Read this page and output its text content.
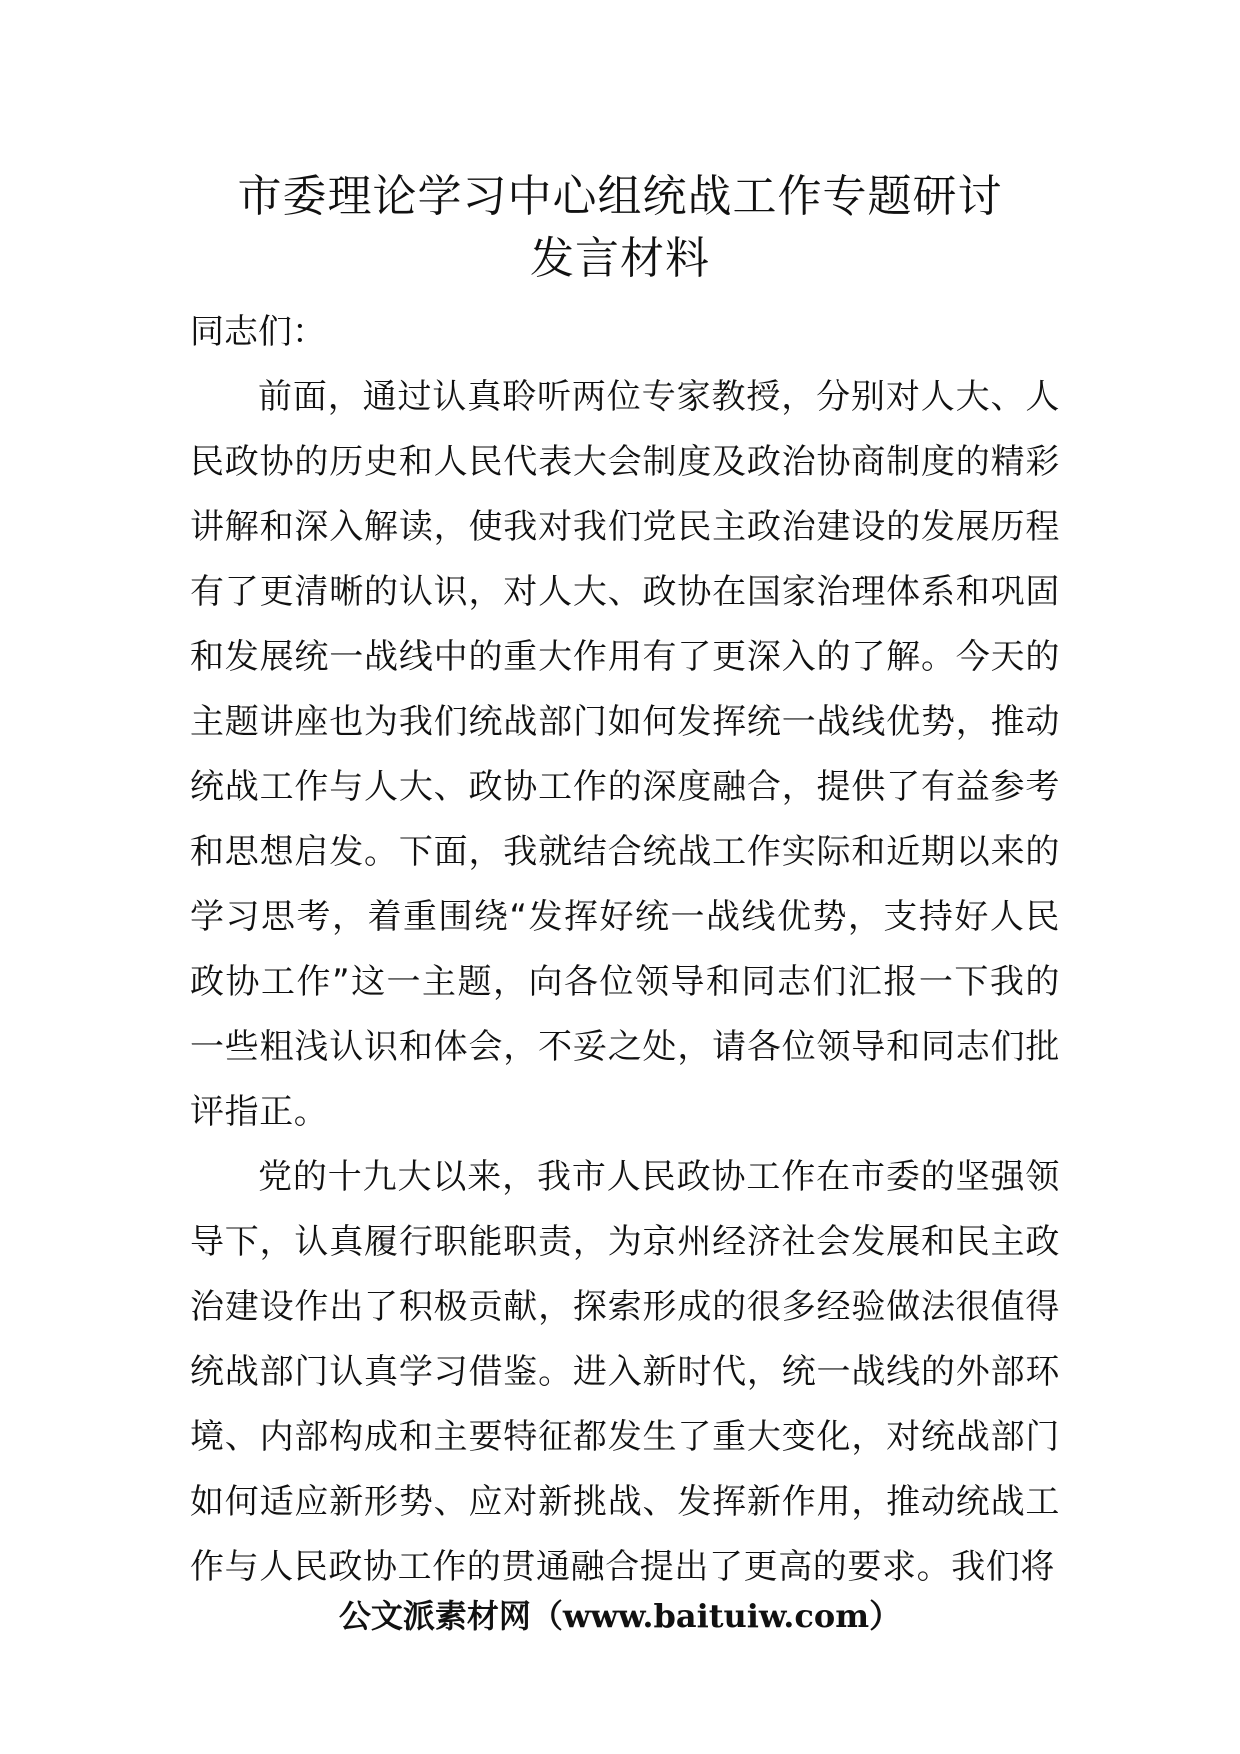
市委理论学习中心组统战工作专题研讨
发言材料

同志们：

前面，通过认真聆听两位专家教授，分别对人大、人民政协的历史和人民代表大会制度及政治协商制度的精彩讲解和深入解读，使我对我们党民主政治建设的发展历程有了更清晰的认识，对人大、政协在国家治理体系和巩固和发展统一战线中的重大作用有了更深入的了解。今天的主题讲座也为我们统战部门如何发挥统一战线优势，推动统战工作与人大、政协工作的深度融合，提供了有益参考和思想启发。下面，我就结合统战工作实际和近期以来的学习思考，着重围绕“发挥好统一战线优势，支持好人民政协工作”这一主题，向各位领导和同志们汇报一下我的一些粗浅认识和体会，不妥之处，请各位领导和同志们批评指正。

党的十九大以来，我市人民政协工作在市委的坚强领导下，认真履行职能职责，为京州经济社会发展和民主政治建设作出了积极贡献，探索形成的很多经验做法很值得统战部门认真学习借鉴。进入新时代，统一战线的外部环境、内部构成和主要特征都发生了重大变化，对统战部门如何适应新形势、应对新挑战、发挥新作用，推动统战工作与人民政协工作的贯通融合提出了更高的要求。我们将

公文派素材网（www.baituiw.com）
